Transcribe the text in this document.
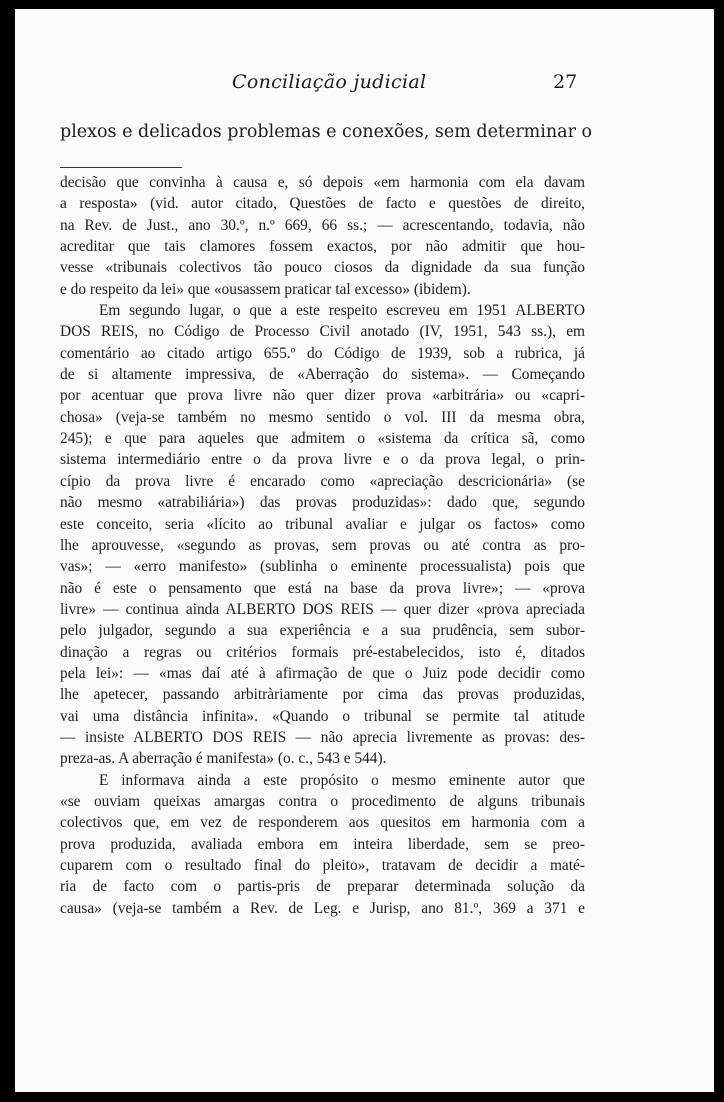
Conciliação judicial	27
plexos e delicados problemas e conexões, sem determinar o
decisão que convinha à causa e, só depois «em harmonia com ela davam
a resposta» (vid. autor citado, Questões de facto e questões de direito,
na Rev. de Just., ano 30.º, n.º 669, 66 ss.; — acrescentando, todavia, não
acreditar que tais clamores fossem exactos, por não admitir que hou-
vesse «tribunais colectivos tão pouco ciosos da dignidade da sua função
e do respeito da lei» que «ousassem praticar tal excesso» (ibidem).
Em segundo lugar, o que a este respeito escreveu em 1951 ALBERTO
DOS REIS, no Código de Processo Civil anotado (IV, 1951, 543 ss.), em
comentário ao citado artigo 655.º do Código de 1939, sob a rubrica, já
de si altamente impressiva, de «Aberração do sistema». — Começando
por acentuar que prova livre não quer dizer prova «arbitrária» ou «capri-
chosa» (veja-se também no mesmo sentido o vol. III da mesma obra,
245); e que para aqueles que admitem o «sistema da crítica sã, como
sistema intermediário entre o da prova livre e o da prova legal, o prin-
cípio da prova livre é encarado como «apreciação descricionária» (se
não mesmo «atrabiliária») das provas produzidas»: dado que, segundo
este conceito, seria «lícito ao tribunal avaliar e julgar os factos» como
lhe aprouvesse, «segundo as provas, sem provas ou até contra as pro-
vas»; — «erro manifesto» (sublinha o eminente processualista) pois que
não é este o pensamento que está na base da prova livre»; — «prova
livre» — continua ainda ALBERTO DOS REIS — quer dizer «prova apreciada
pelo julgador, segundo a sua experiência e a sua prudência, sem subor-
dinação a regras ou critérios formais pré-estabelecidos, isto é, ditados
pela lei»: — «mas daí até à afirmação de que o Juiz pode decidir como
lhe apetecer, passando arbitràriamente por cima das provas produzidas,
vai uma distância infinita». «Quando o tribunal se permite tal atitude
— insiste ALBERTO DOS REIS — não aprecia livremente as provas: des-
preza-as. A aberração é manifesta» (o. c., 543 e 544).
E informava ainda a este propósito o mesmo eminente autor que
«se ouviam queixas amargas contra o procedimento de alguns tribunais
colectivos que, em vez de responderem aos quesitos em harmonia com a
prova produzida, avaliada embora em inteira liberdade, sem se preo-
cuparem com o resultado final do pleito», tratavam de decidir a maté-
ria de facto com o partis-pris de preparar determinada solução da
causa» (veja-se também a Rev. de Leg. e Jurisp, ano 81.º, 369 a 371 e
